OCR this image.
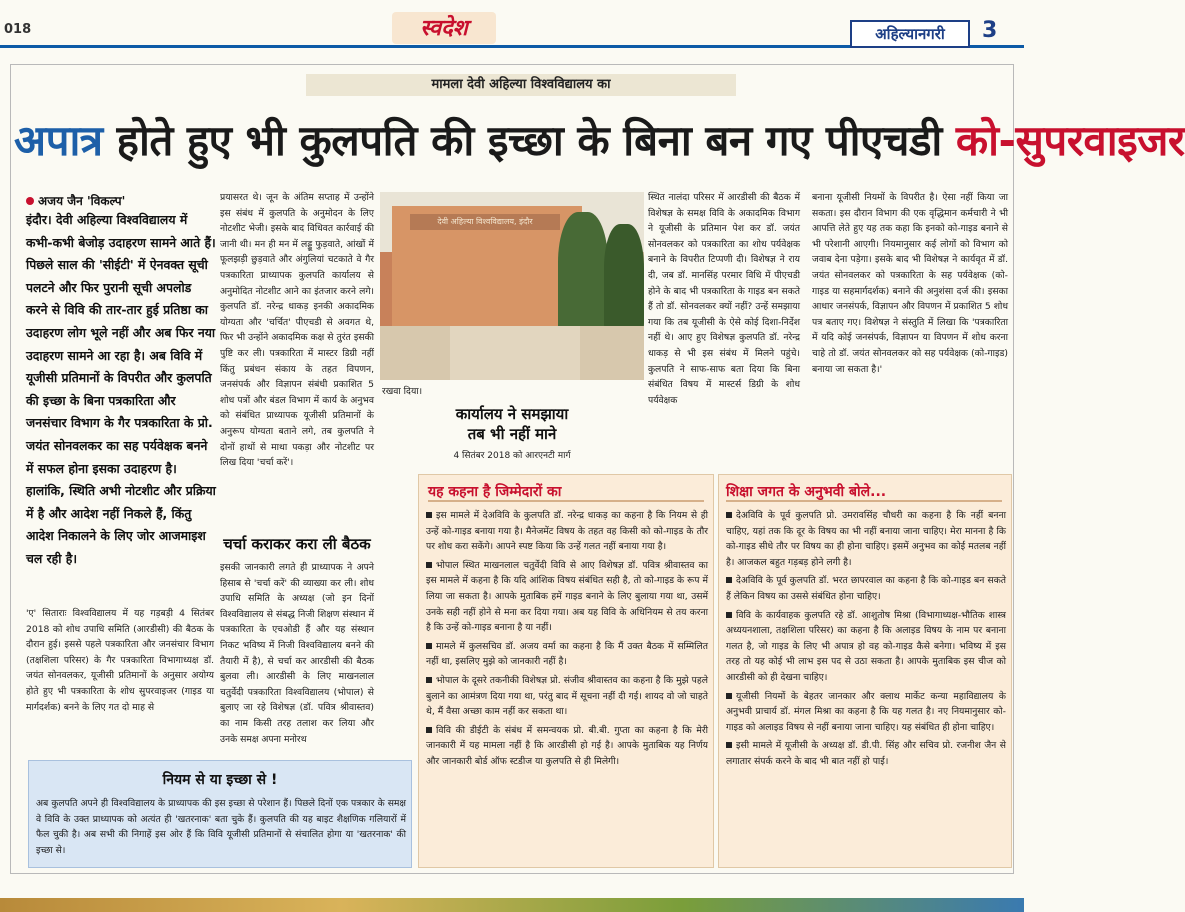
018	स्वदेश	अहिल्यानगरी	3
मामला देवी अहिल्या विश्वविद्यालय का
अपात्र होते हुए भी कुलपति की इच्छा के बिना बन गए पीएचडी को-सुपरवाइजर
अजय जैन 'विकल्प'
इंदौर। देवी अहिल्या विश्वविद्यालय में कभी-कभी बेजोड़ उदाहरण सामने आते हैं। पिछले साल की 'सीईटी' में ऐनवक्त सूची पलटने और फिर पुरानी सूची अपलोड करने से विवि की तार-तार हुई प्रतिष्ठा का उदाहरण लोग भूले नहीं और अब फिर नया उदाहरण सामने आ रहा है। अब विवि में यूजीसी प्रतिमानों के विपरीत और कुलपति की इच्छा के बिना पत्रकारिता और जनसंचार विभाग के गैर पत्रकारिता के प्रो. जयंत सोनवलकर का सह पर्यवेक्षक बनने में सफल होना इसका उदाहरण है। हालांकि, स्थिति अभी नोटशीट और प्रक्रिया में है और आदेश नहीं निकले हैं, किंतु आदेश निकालने के लिए जोर आजमाइश चल रही है।
'ए' सिताराः विश्वविद्यालय में यह गड़बड़ी 4 सितंबर 2018 को शोध उपाधि समिति (आरडीसी) की बैठक के दौरान हुई। इससे पहले पत्रकारिता और जनसंचार विभाग (तक्षशिला परिसर) के गैर पत्रकारिता विभागाध्यक्ष डॉ. जयंत सोनवलकर, यूजीसी प्रतिमानों के अनुसार अयोग्य होते हुए भी पत्रकारिता के शोध सुपरवाइजर (गाइड या मार्गदर्शक) बनने के लिए गत दो माह से
प्रयासरत थे। जून के अंतिम सप्ताह में उन्होंने इस संबंध में कुलपति के अनुमोदन के लिए नोटशीट भेजी। इसके बाद विधिवत कार्रवाई की जानी थी। मन ही मन में लड्डू फुड़वाते, आंखों में फूलझड़ी छुड़वाते और अंगुलियां चटकाते वे गैर पत्रकारिता प्राध्यापक कुलपति कार्यालय से अनुमोदित नोटशीट आने का इंतजार करने लगे। कुलपति डॉ. नरेन्द्र धाकड़ इनकी अकादमिक योग्यता और 'चर्चित' पीएचडी से अवगत थे, फिर भी उन्होंने अकादमिक कक्ष से तुरंत इसकी पुष्टि कर ली। पत्रकारिता में मास्टर डिग्री नहीं किंतु प्रबंधन संकाय के तहत विपणन, जनसंपर्क और विज्ञापन संबंधी प्रकाशित 5 शोध पत्रों और बंडल विभाग में कार्य के अनुभव को संबंधित प्राध्यापक यूजीसी प्रतिमानों के अनुरूप योग्यता बताने लगे, तब कुलपति ने दोनों हाथों से माथा पकड़ा और नोटशीट पर लिख दिया 'चर्चा करें'।
चर्चा कराकर करा ली बैठक
इसकी जानकारी लगते ही प्राध्यापक ने अपने हिसाब से 'चर्चा करें' की व्याख्या कर ली। शोध उपाधि समिति के अध्यक्ष (जो इन दिनों विश्वविद्यालय से संबद्ध निजी शिक्षण संस्थान में पत्रकारिता के एचओडी हैं और यह संस्थान निकट भविष्य में निजी विश्वविद्यालय बनने की तैयारी में है), से चर्चा कर आरडीसी की बैठक बुलवा ली। आरडीसी के लिए माखनलाल चतुर्वेदी पत्रकारिता विश्वविद्यालय (भोपाल) से बुलाए जा रहे विशेषज्ञ (डॉ. पवित्र श्रीवास्तव) का नाम किसी तरह तलाश कर लिया और उनके समक्ष अपना मनोरथ
देवी अहिल्या विश्वविद्यालय, इंदौर
रखवा दिया।
कार्यालय ने समझाया
तब भी नहीं माने
4 सितंबर 2018 को आरएनटी मार्ग
स्थित नालंदा परिसर में आरडीसी की बैठक में विशेषज्ञ के समक्ष विवि के अकादमिक विभाग ने यूजीसी के प्रतिमान पेश कर डॉ. जयंत सोनवलकर को पत्रकारिता का शोध पर्यवेक्षक बनाने के विपरीत टिप्पणी दी। विशेषज्ञ ने राय दी, जब डॉ. मानसिंह परमार विधि में पीएचडी होने के बाद भी पत्रकारिता के गाइड बन सकते हैं तो डॉ. सोनवलकर क्यों नहीं? उन्हें समझाया गया कि तब यूजीसी के ऐसे कोई दिशा-निर्देश नहीं थे। आए हुए विशेषज्ञ कुलपति डॉ. नरेन्द्र धाकड़ से भी इस संबंध में मिलने पहुंचे। कुलपति ने साफ-साफ बता दिया कि बिना संबंधित विषय में मास्टर्स डिग्री के शोध पर्यवेक्षक
बनाना यूजीसी नियमों के विपरीत है। ऐसा नहीं किया जा सकता। इस दौरान विभाग की एक वृद्धिमान कर्मचारी ने भी आपत्ति लेते हुए यह तक कहा कि इनको को-गाइड बनाने से भी परेशानी आएगी। नियमानुसार कई लोगों को विभाग को जवाब देना पड़ेगा। इसके बाद भी विशेषज्ञ ने कार्यवृत में डॉ. जयंत सोनवलकर को पत्रकारिता के सह पर्यवेक्षक (को-गाइड या सहमार्गदर्शक) बनाने की अनुशंसा दर्ज की। इसका आधार जनसंपर्क, विज्ञापन और विपणन में प्रकाशित 5 शोध पत्र बताए गए। विशेषज्ञ ने संस्तुति में लिखा कि 'पत्रकारिता में यदि कोई जनसंपर्क, विज्ञापन या विपणन में शोध करना चाहे तो डॉ. जयंत सोनवलकर को सह पर्यवेक्षक (को-गाइड) बनाया जा सकता है।'
यह कहना है जिम्मेदारों का

इस मामले में देअविवि के कुलपति डॉ. नरेन्द्र धाकड़ का कहना है कि नियम से ही उन्हें को-गाइड बनाया गया है। मैनेजमेंट विषय के तहत वह किसी को को-गाइड के तौर पर शोध करा सकेंगे। आपने स्पष्ट किया कि उन्हें गलत नहीं बनाया गया है।

भोपाल स्थित माखनलाल चतुर्वेदी विवि से आए विशेषज्ञ डॉ. पवित्र श्रीवास्तव का इस मामले में कहना है कि यदि आंशिक विषय संबंधित सही है, तो को-गाइड के रूप में लिया जा सकता है। आपके मुताबिक हमें गाइड बनाने के लिए बुलाया गया था, उसमें उनके सही नहीं होने से मना कर दिया गया। अब यह विवि के अधिनियम से तय करना है कि उन्हें को-गाइड बनाना है या नहीं।

मामले में कुलसचिव डॉ. अजय वर्मा का कहना है कि मैं उक्त बैठक में सम्मिलित नहीं था, इसलिए मुझे को जानकारी नहीं है।

भोपाल के दूसरे तकनीकी विशेषज्ञ प्रो. संजीव श्रीवास्तव का कहना है कि मुझे पहले बुलाने का आमंत्रण दिया गया था, परंतु बाद में सूचना नहीं दी गई। शायद वो जो चाहते थे, मैं वैसा अच्छा काम नहीं कर सकता था।

विवि की डीईटी के संबंध में समन्वयक प्रो. बी.बी. गुप्ता का कहना है कि मेरी जानकारी में यह मामला नहीं है कि आरडीसी हो गई है। आपके मुताबिक यह निर्णय और जानकारी बोर्ड ऑफ स्टडीज या कुलपति से ही मिलेगी।

शिक्षा जगत के अनुभवी बोले...

देअविवि के पूर्व कुलपति प्रो. उमरावसिंह चौधरी का कहना है कि नहीं बनना चाहिए, यहां तक कि दूर के विषय का भी नहीं बनाया जाना चाहिए। मेरा मानना है कि को-गाइड सीधे तौर पर विषय का ही होना चाहिए। इसमें अनुभव का कोई मतलब नहीं है। आजकल बहुत गड़बड़ होने लगी है।

देअविवि के पूर्व कुलपति डॉ. भरत छापरवाल का कहना है कि को-गाइड बन सकते हैं लेकिन विषय का उससे संबंधित होना चाहिए।

विवि के कार्यवाहक कुलपति रहे डॉ. आशुतोष मिश्रा (विभागाध्यक्ष-भौतिक शास्त्र अध्ययनशाला, तक्षशिला परिसर) का कहना है कि अलाइड विषय के नाम पर बनाना गलत है, जो गाइड के लिए भी अपात्र हो वह को-गाइड कैसे बनेगा। भविष्य में इस तरह तो यह कोई भी लाभ इस पद से उठा सकता है। आपके मुताबिक इस चीज को आरडीसी को ही देखना चाहिए।

यूजीसी नियमों के बेहतर जानकार और क्लाथ मार्केट कन्या महाविद्यालय के अनुभवी प्राचार्य डॉ. मंगल मिश्रा का कहना है कि यह गलत है। नए नियमानुसार को-गाइड को अलाइड विषय से नहीं बनाया जाना चाहिए। यह संबंधित ही होना चाहिए।

इसी मामले में यूजीसी के अध्यक्ष डॉ. डी.पी. सिंह और सचिव प्रो. रजनीश जैन से लगातार संपर्क करने के बाद भी बात नहीं हो पाई।

नियम से या इच्छा से !
अब कुलपति अपने ही विश्वविद्यालय के प्राध्यापक की इस इच्छा से परेशान हैं। पिछले दिनों एक पत्रकार के समक्ष वे विवि के उक्त प्राध्यापक को अत्यंत ही 'खतरनाक' बता चुके हैं। कुलपति की यह बाइट शैक्षणिक गलियारों में फैल चुकी है। अब सभी की निगाहें इस ओर हैं कि विवि यूजीसी प्रतिमानों से संचालित होगा या 'खतरनाक' की इच्छा से।
